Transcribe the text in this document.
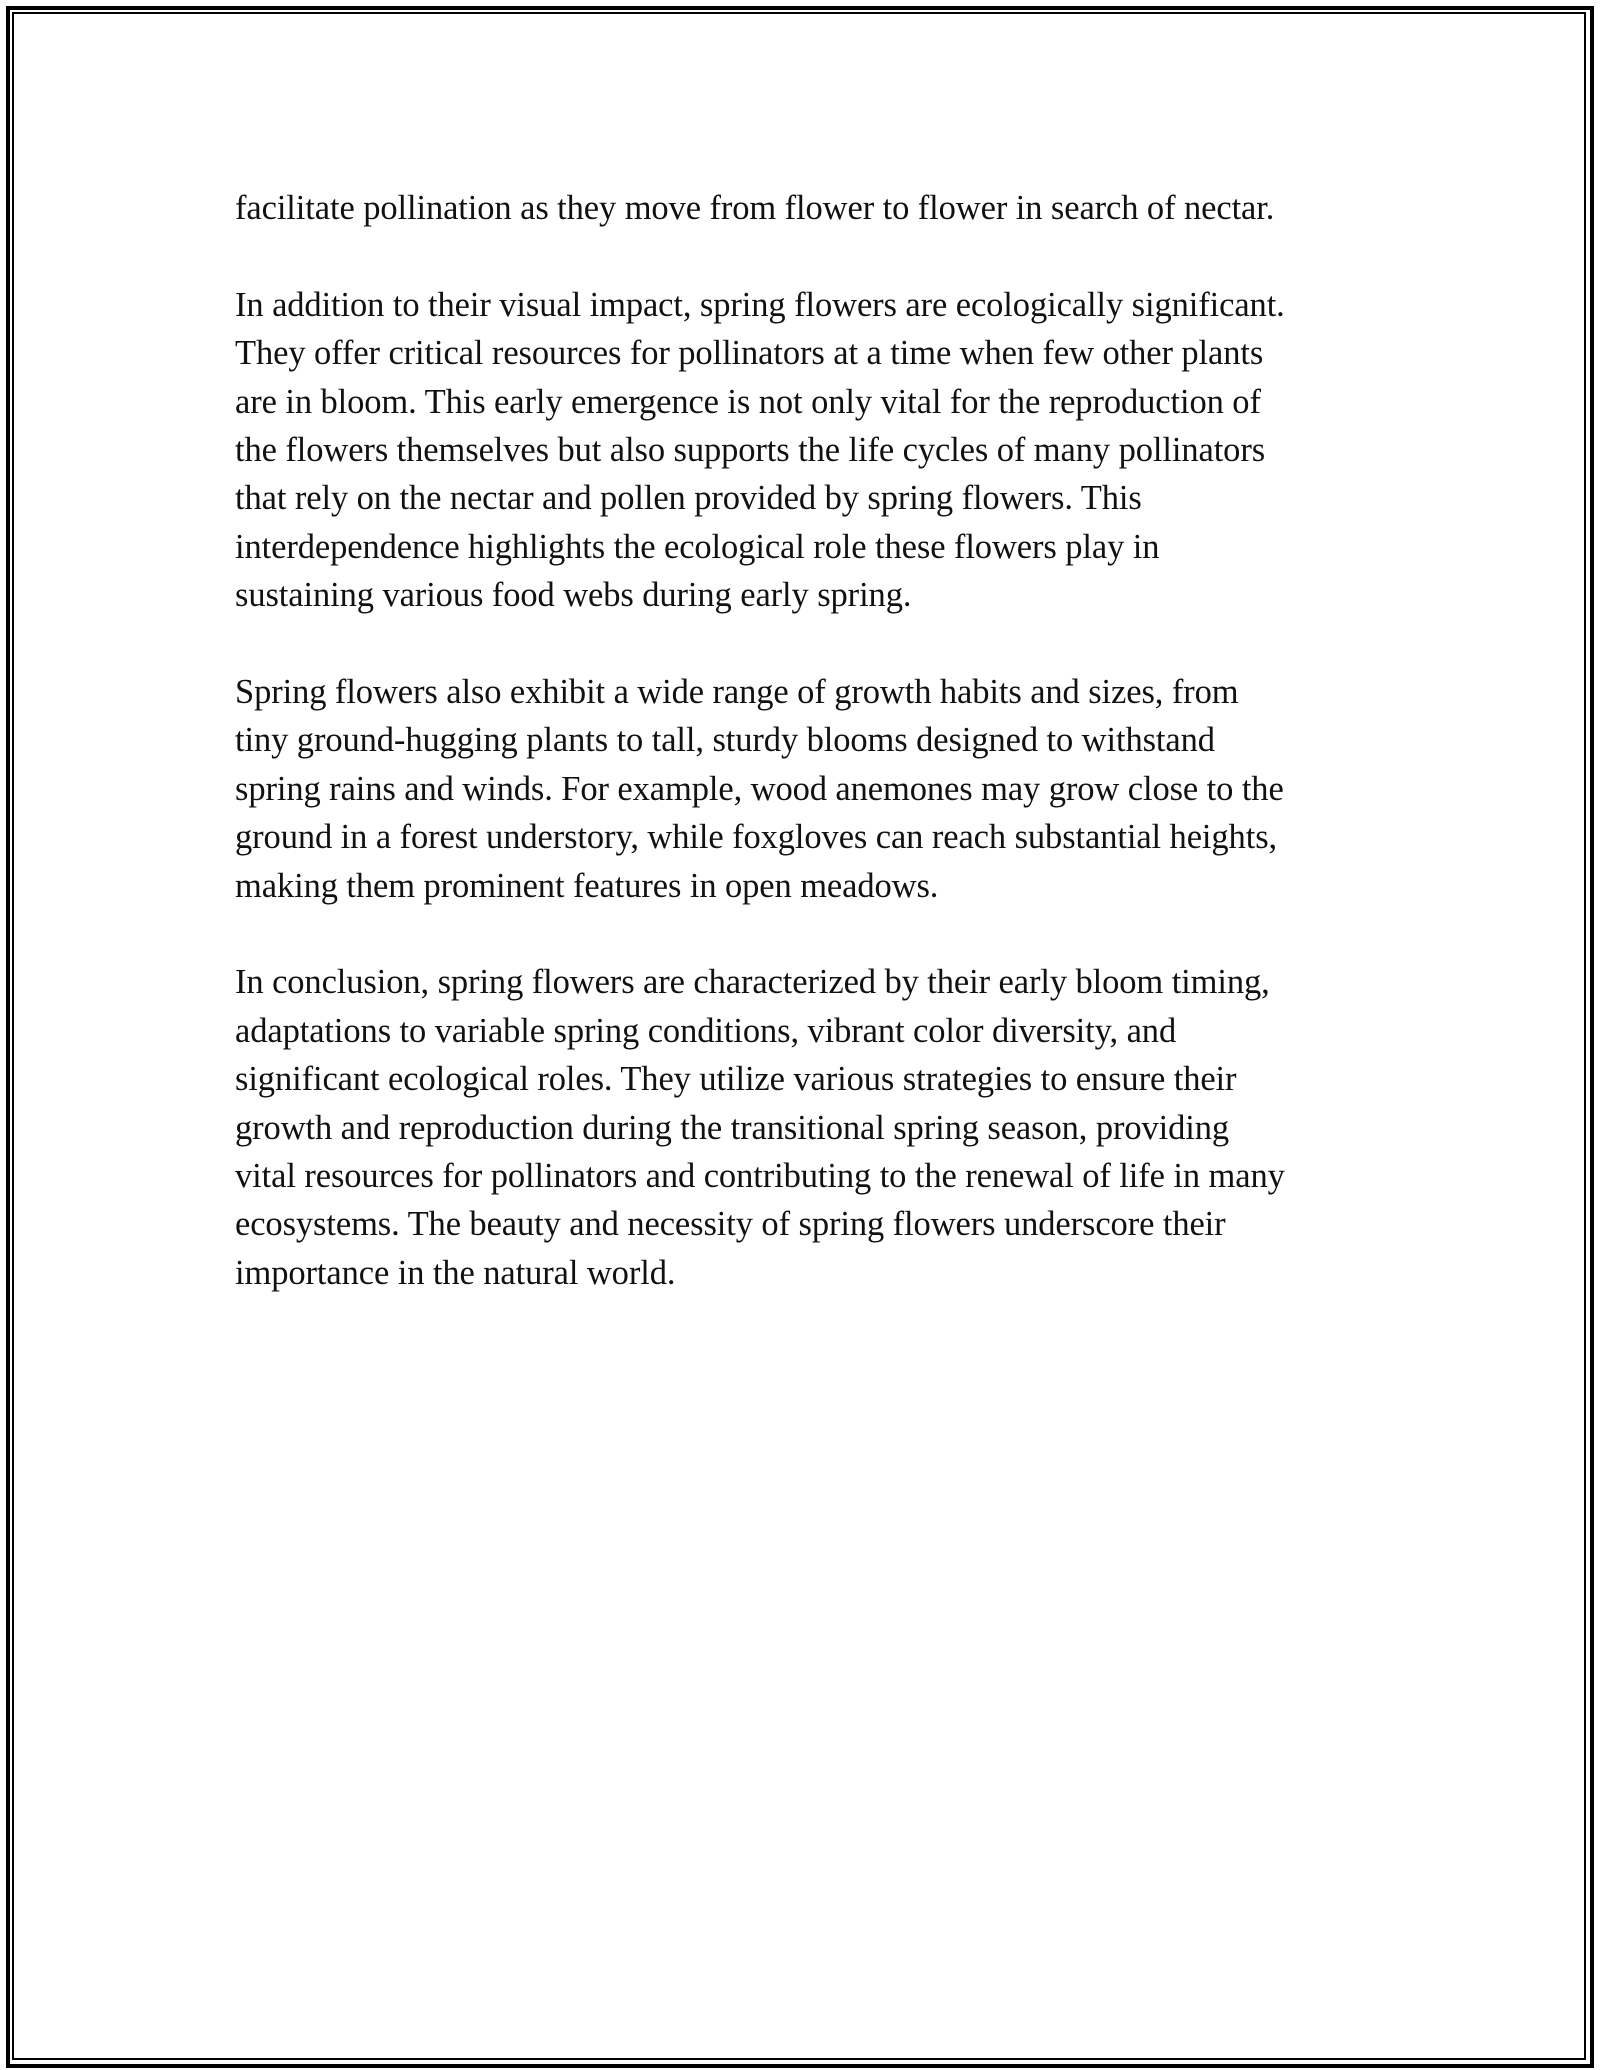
facilitate pollination as they move from flower to flower in search of nectar.

In addition to their visual impact, spring flowers are ecologically significant.
They offer critical resources for pollinators at a time when few other plants
are in bloom. This early emergence is not only vital for the reproduction of
the flowers themselves but also supports the life cycles of many pollinators
that rely on the nectar and pollen provided by spring flowers. This
interdependence highlights the ecological role these flowers play in
sustaining various food webs during early spring.

Spring flowers also exhibit a wide range of growth habits and sizes, from
tiny ground-hugging plants to tall, sturdy blooms designed to withstand
spring rains and winds. For example, wood anemones may grow close to the
ground in a forest understory, while foxgloves can reach substantial heights,
making them prominent features in open meadows.

In conclusion, spring flowers are characterized by their early bloom timing,
adaptations to variable spring conditions, vibrant color diversity, and
significant ecological roles. They utilize various strategies to ensure their
growth and reproduction during the transitional spring season, providing
vital resources for pollinators and contributing to the renewal of life in many
ecosystems. The beauty and necessity of spring flowers underscore their
importance in the natural world.
